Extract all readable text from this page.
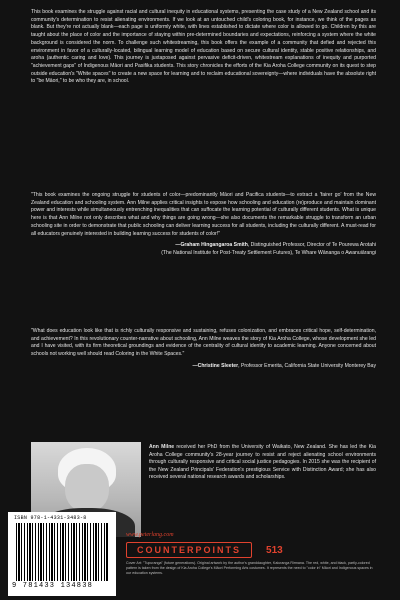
This book examines the struggle against racial and cultural inequity in educational systems, presenting the case study of a New Zealand school and its community's determination to resist alienating environments. If we look at an untouched child's coloring book, for instance, we think of the pages as blank. But they're not actually blank—each page is uniformly white, with lines established to dictate where color is allowed to go. Children by this are taught about the place of color and the importance of staying within pre-determined boundaries and expectations, reinforcing a system where the white background is considered the norm. To challenge such whitestreaming, this book offers the example of a community that defied and rejected this environment in favor of a culturally-located, bilingual learning model of education based on secure cultural identity, stable positive relationships, and aroha (authentic caring and love). This journey is juxtaposed against pervasive deficit-driven, whitestream explanations of inequity and purported "achievement gaps" of Indigenous Māori and Pasifika students. This story chronicles the efforts of the Kia Aroha College community on its quest to step outside education's "White spaces" to create a new space for learning and to reclaim educational sovereignty—where individuals have the absolute right to "be Māori," to be who they are, in school.

"This book examines the ongoing struggle for students of color—predominantly Māori and Pacifica students—to extract a 'fairer go' from the New Zealand education and schooling system. Ann Milne applies critical insights to expose how schooling and education (re)produce and maintain dominant power and interests while simultaneously entrenching inequalities that can suffocate the learning potential of culturally different students. What is unique here is that Ann Milne not only describes what and why things are going wrong—she also documents the remarkable struggle to transform an urban schooling site in order to demonstrate that public schooling can deliver learning success for all students, including the culturally different. A must-read for all educators genuinely interested in building learning success for students of color!"

—Graham Hingangaroa Smith, Distinguished Professor, Director of Te Pourewa Arotahi
(The National Institute for Post-Treaty Settlement Futures), Te Whare Wānanga o Awanuiārangi

"What does education look like that is richly culturally responsive and sustaining, refuses colonization, and embraces critical hope, self-determination, and achievement? In this revolutionary counter-narrative about schooling, Ann Milne weaves the story of Kia Aroha College, whose development she led and I have visited, with its firm theoretical groundings and evidence of the centrality of cultural identity to academic learning. Anyone concerned about schools not working well should read Coloring in the White Spaces."

—Christine Sleeter, Professor Emerita, California State University Monterey Bay

Ann Milne received her PhD from the University of Waikato, New Zealand. She has led the Kia Aroha College community's 28-year journey to resist and reject alienating school environments through culturally responsive and critical social justice pedagogies. In 2015 she was the recipient of the New Zealand Principals' Federation's prestigious Service with Distinction Award; she has also received several national research awards and scholarships.

ISBN 978-1-4331-3483-8
9 781433 134838
www.peterlang.com
COUNTERPOINTS	513
Cover Art: "Tupuranga" (future generations). Original artwork by the author's granddaughter, Kaiuranga Rirmana. The red, white, and black, partly-colored pattern is taken from the design of Kia Aroha College's Māori Performing Arts costumes. It represents the need to "color in" Māori and Indigenous spaces in our education systems.
